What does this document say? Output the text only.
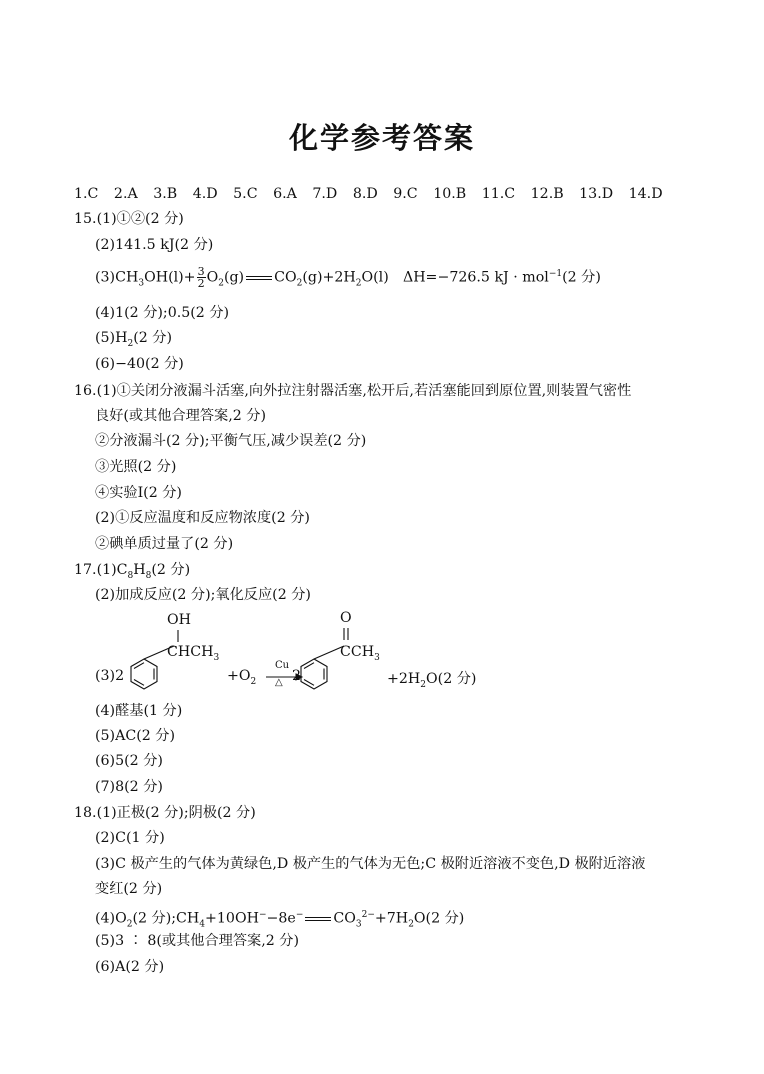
化学参考答案
1.C 2.A 3.B 4.D 5.C 6.A 7.D 8.D 9.C 10.B 11.C 12.B 13.D 14.D
15.(1)①②(2 分)
(2)141.5 kJ(2 分)
$(3)CH_3OH(l)+ \frac{3}{2} O_2(g)$ $CO_2(g)+2H_2O(l)$　ΔH=−726.5 kJ · mol$^{-1}$(2 分)
(4)1(2 分);0.5(2 分)
$(5)H_2(2$ 分)
(6)−40(2 分)
16.(1)①关闭分液漏斗活塞,向外拉注射器活塞,松开后,若活塞能回到原位置,则装置气密性
良好(或其他合理答案,2 分)
②分液漏斗(2 分);平衡气压,减少误差(2 分)
③光照(2 分)
④实验Ⅰ(2 分)
(2)①反应温度和反应物浓度(2 分)
②碘单质过量了(2 分)
$17.(1)C_8H_8(2$ 分)
(2)加成反应(2 分);氧化反应(2 分)
(3)2
OH
$CHCH_3$
$+O_2$
Cu
△ 2
O
$CCH_3$
$+2H_2O(2$ 分)
(4)醛基(1 分)
(5)AC(2 分)
(6)5(2 分)
(7)8(2 分)
18.(1)正极(2 分);阴极(2 分)
(2)C(1 分)
(3)C 极产生的气体为黄绿色,D 极产生的气体为无色;C 极附近溶液不变色,D 极附近溶液
变红(2 分)
$(4)O_2(2$ 分)$;CH_4+10OH^--8e^-$ $CO_3^{2-}+7H_2O(2$ 分)
(5)3 ∶ 8(或其他合理答案,2 分)
(6)A(2 分)
